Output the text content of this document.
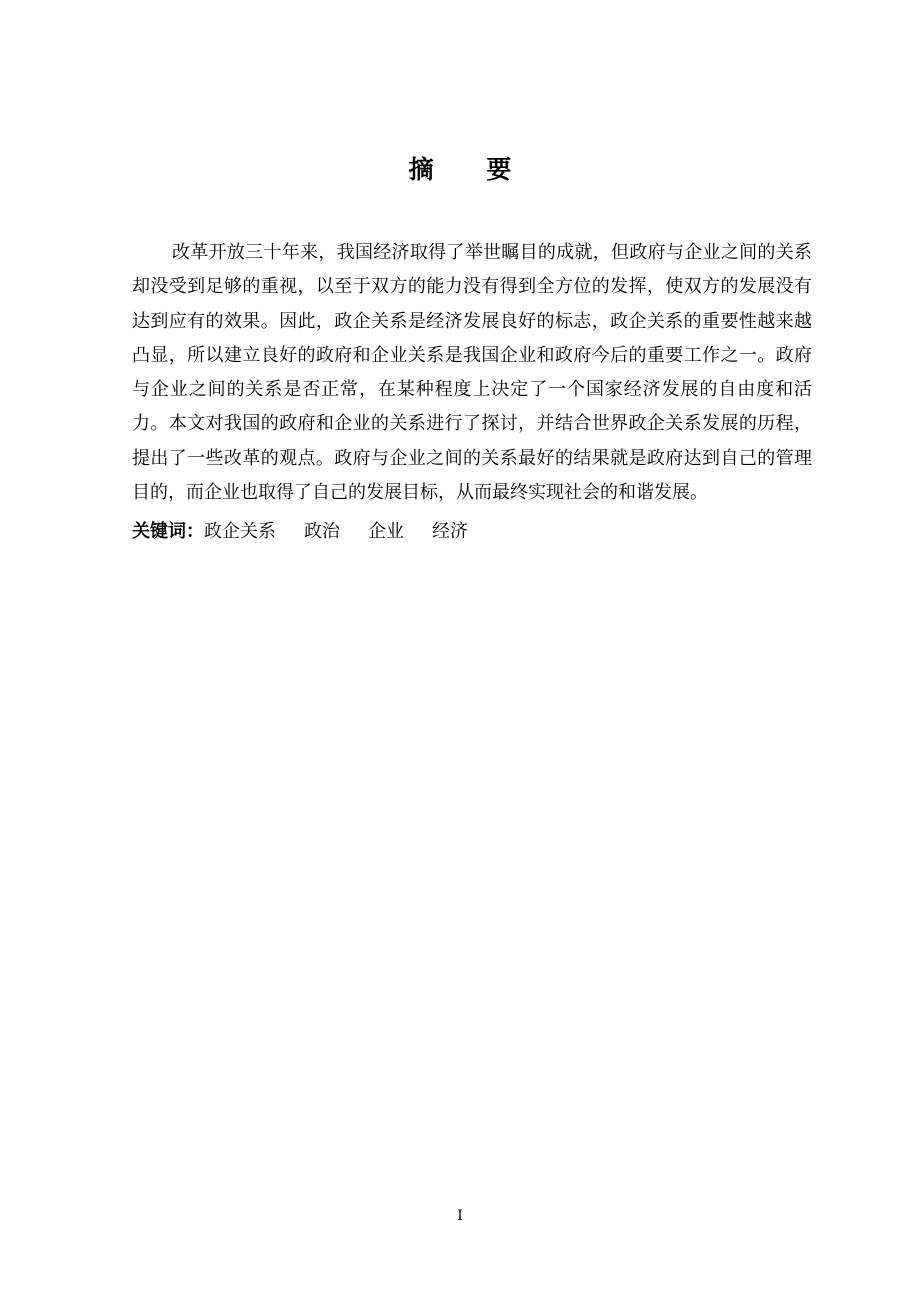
摘 要

改革开放三十年来，我国经济取得了举世瞩目的成就，但政府与企业之间的关系却没受到足够的重视，以至于双方的能力没有得到全方位的发挥，使双方的发展没有达到应有的效果。因此，政企关系是经济发展良好的标志，政企关系的重要性越来越凸显，所以建立良好的政府和企业关系是我国企业和政府今后的重要工作之一。政府与企业之间的关系是否正常，在某种程度上决定了一个国家经济发展的自由度和活力。本文对我国的政府和企业的关系进行了探讨，并结合世界政企关系发展的历程，提出了一些改革的观点。政府与企业之间的关系最好的结果就是政府达到自己的管理目的，而企业也取得了自己的发展目标，从而最终实现社会的和谐发展。

关键词：政企关系 政治 企业 经济
I
